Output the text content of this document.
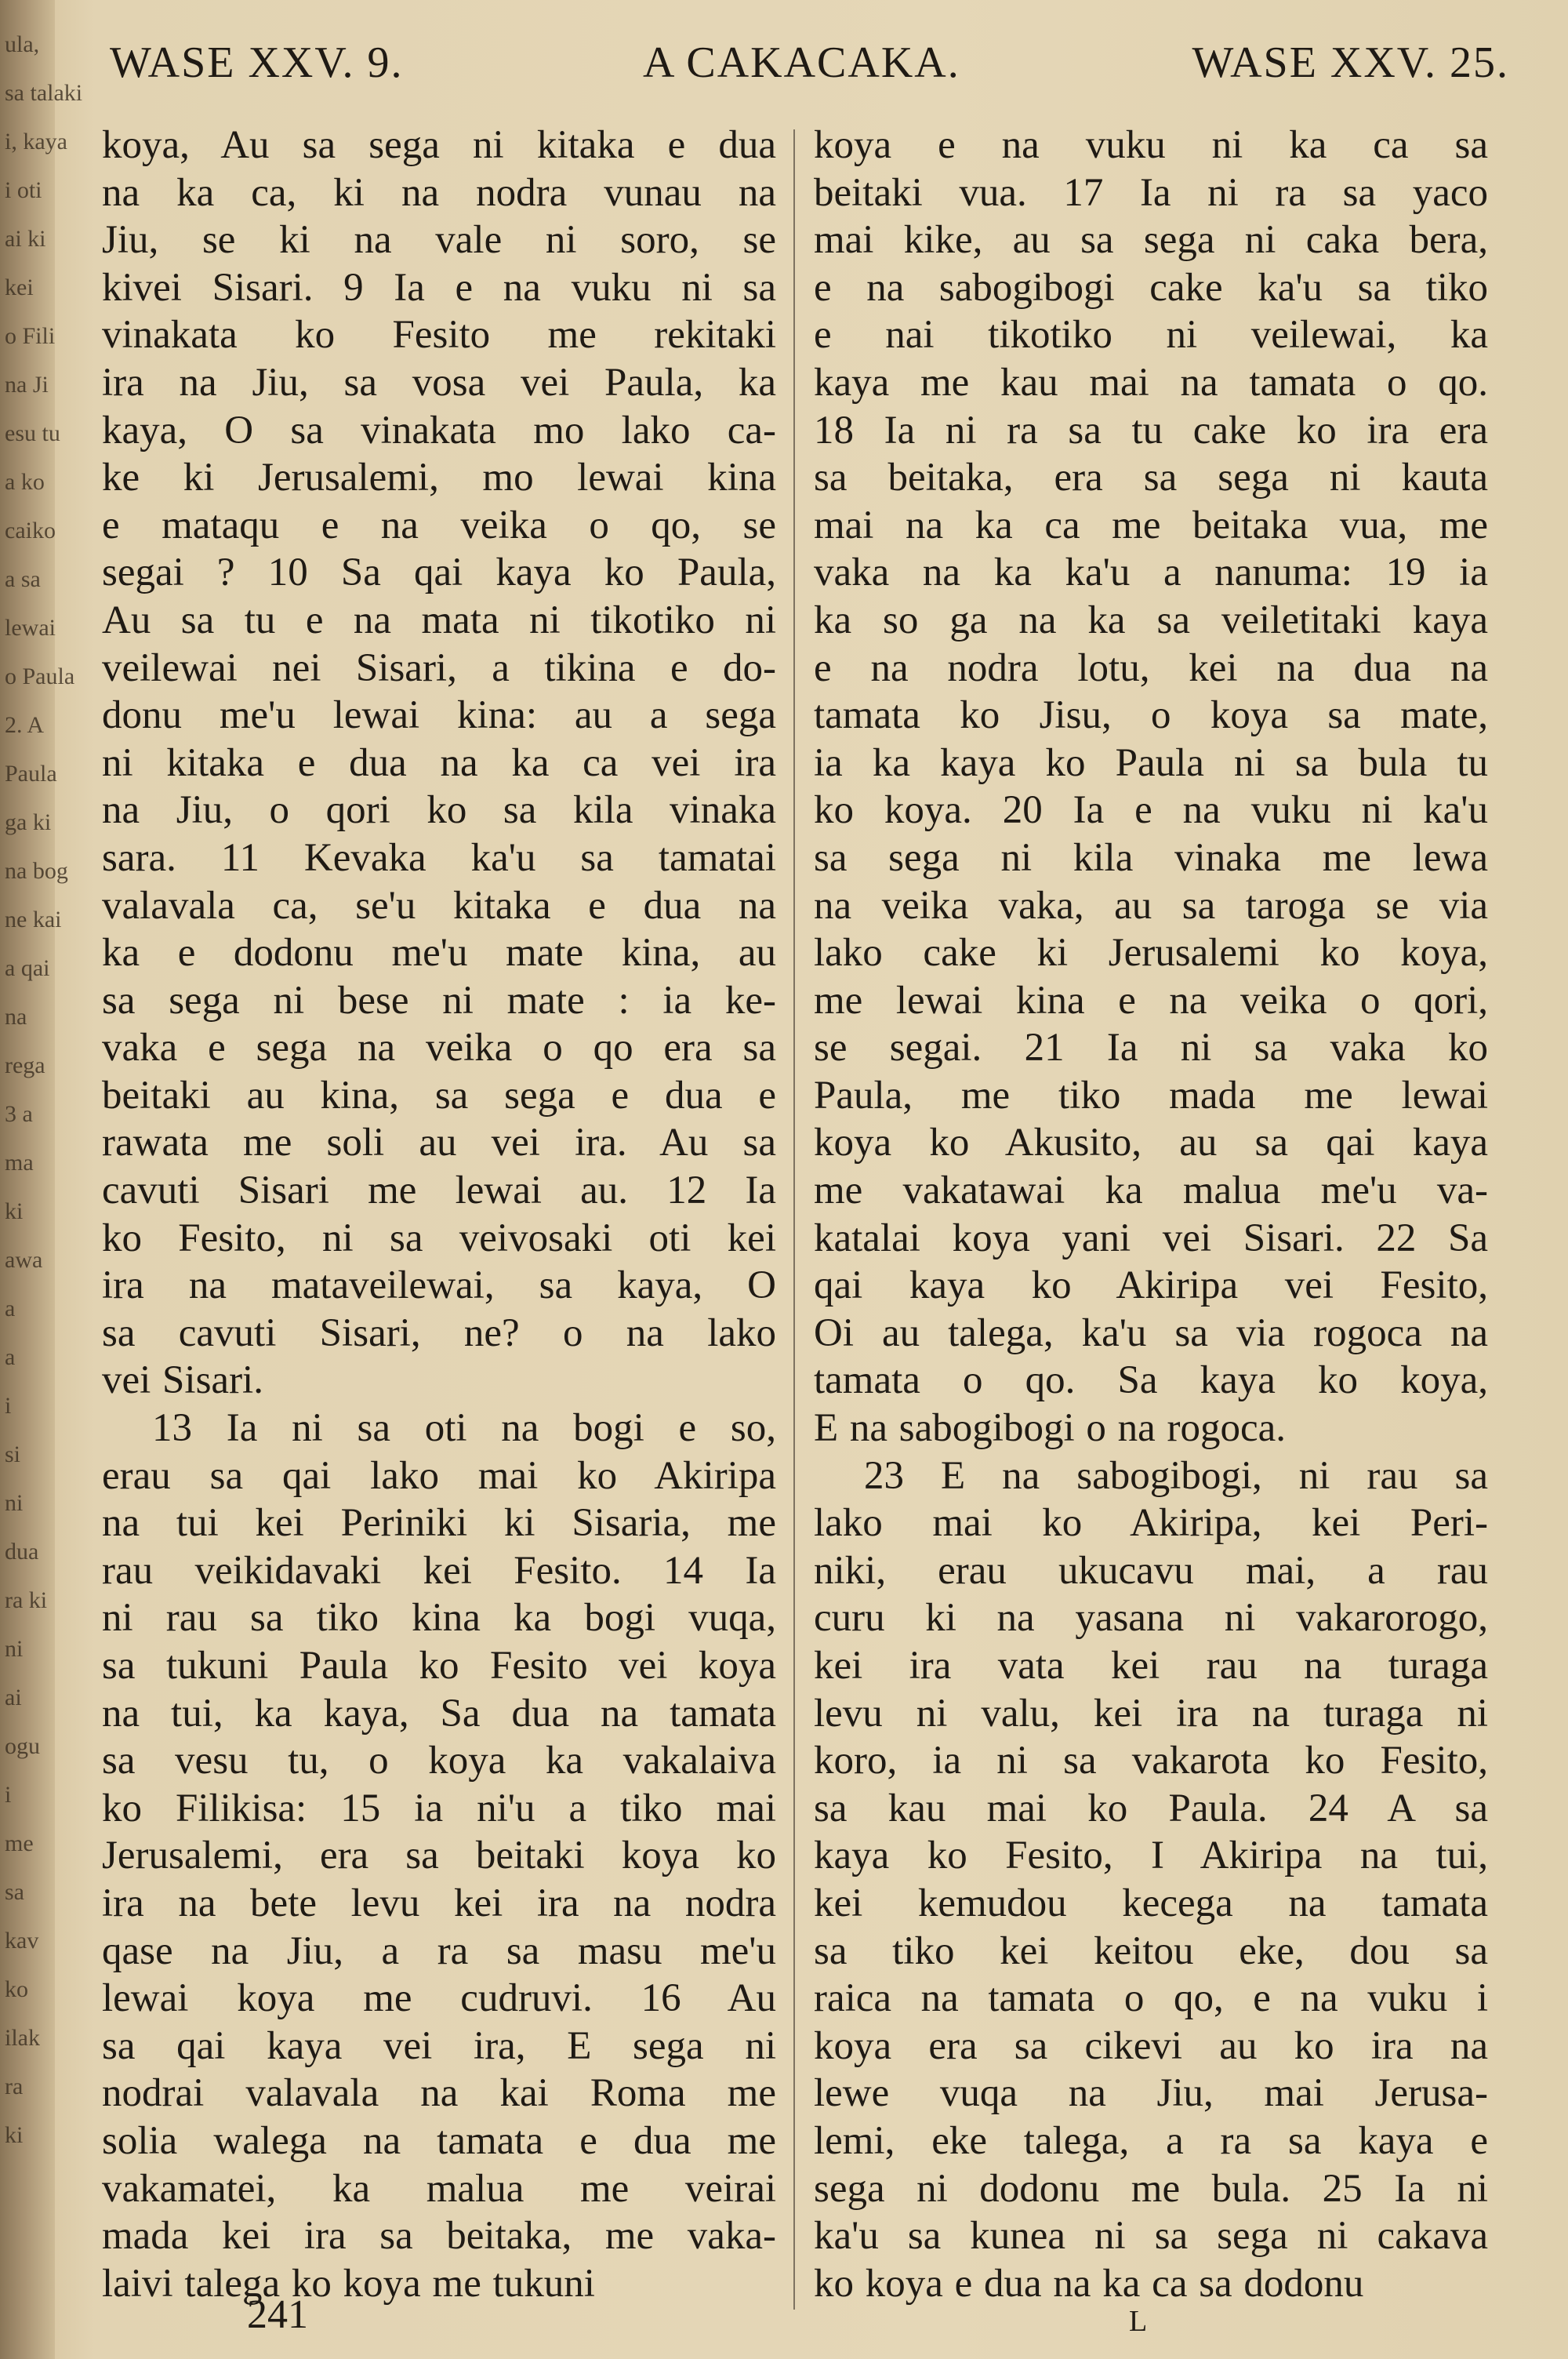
ula,
sa talaki
i, kaya
i oti
ai ki
kei
o Fili
na Ji
esu tu
a ko
caiko
a sa
lewai
o Paula
2. A
Paula
ga ki
na bog
ne kai
a qai
na
rega
3 a
ma
ki
awa
a
a
i
si
ni
dua
ra ki
ni
ai
ogu
i
me
sa
kav
ko
ilak
ra
ki
WASE XXV. 9.	A CAKACAKA.	WASE XXV. 25.
koya, Au sa sega ni kitaka e dua
na ka ca, ki na nodra vunau na
Jiu, se ki na vale ni soro, se
kivei Sisari. 9 Ia e na vuku ni sa
vinakata ko Fesito me rekitaki
ira na Jiu, sa vosa vei Paula, ka
kaya, O sa vinakata mo lako ca-
ke ki Jerusalemi, mo lewai kina
e mataqu e na veika o qo, se
segai ? 10 Sa qai kaya ko Paula,
Au sa tu e na mata ni tikotiko ni
veilewai nei Sisari, a tikina e do-
donu me'u lewai kina: au a sega
ni kitaka e dua na ka ca vei ira
na Jiu, o qori ko sa kila vinaka
sara. 11 Kevaka ka'u sa tamatai
valavala ca, se'u kitaka e dua na
ka e dodonu me'u mate kina, au
sa sega ni bese ni mate : ia ke-
vaka e sega na veika o qo era sa
beitaki au kina, sa sega e dua e
rawata me soli au vei ira. Au sa
cavuti Sisari me lewai au. 12 Ia
ko Fesito, ni sa veivosaki oti kei
ira na mataveilewai, sa kaya, O
sa cavuti Sisari, ne? o na lako
vei Sisari.
13 Ia ni sa oti na bogi e so,
erau sa qai lako mai ko Akiripa
na tui kei Periniki ki Sisaria, me
rau veikidavaki kei Fesito. 14 Ia
ni rau sa tiko kina ka bogi vuqa,
sa tukuni Paula ko Fesito vei koya
na tui, ka kaya, Sa dua na tamata
sa vesu tu, o koya ka vakalaiva
ko Filikisa: 15 ia ni'u a tiko mai
Jerusalemi, era sa beitaki koya ko
ira na bete levu kei ira na nodra
qase na Jiu, a ra sa masu me'u
lewai koya me cudruvi. 16 Au
sa qai kaya vei ira, E sega ni
nodrai valavala na kai Roma me
solia walega na tamata e dua me
vakamatei, ka malua me veirai
mada kei ira sa beitaka, me vaka-
laivi talega ko koya me tukuni
koya e na vuku ni ka ca sa
beitaki vua. 17 Ia ni ra sa yaco
mai kike, au sa sega ni caka bera,
e na sabogibogi cake ka'u sa tiko
e nai tikotiko ni veilewai, ka
kaya me kau mai na tamata o qo.
18 Ia ni ra sa tu cake ko ira era
sa beitaka, era sa sega ni kauta
mai na ka ca me beitaka vua, me
vaka na ka ka'u a nanuma: 19 ia
ka so ga na ka sa veiletitaki kaya
e na nodra lotu, kei na dua na
tamata ko Jisu, o koya sa mate,
ia ka kaya ko Paula ni sa bula tu
ko koya. 20 Ia e na vuku ni ka'u
sa sega ni kila vinaka me lewa
na veika vaka, au sa taroga se via
lako cake ki Jerusalemi ko koya,
me lewai kina e na veika o qori,
se segai. 21 Ia ni sa vaka ko
Paula, me tiko mada me lewai
koya ko Akusito, au sa qai kaya
me vakatawai ka malua me'u va-
katalai koya yani vei Sisari. 22 Sa
qai kaya ko Akiripa vei Fesito,
Oi au talega, ka'u sa via rogoca na
tamata o qo. Sa kaya ko koya,
E na sabogibogi o na rogoca.
23 E na sabogibogi, ni rau sa
lako mai ko Akiripa, kei Peri-
niki, erau ukucavu mai, a rau
curu ki na yasana ni vakarorogo,
kei ira vata kei rau na turaga
levu ni valu, kei ira na turaga ni
koro, ia ni sa vakarota ko Fesito,
sa kau mai ko Paula. 24 A sa
kaya ko Fesito, I Akiripa na tui,
kei kemudou kecega na tamata
sa tiko kei keitou eke, dou sa
raica na tamata o qo, e na vuku i
koya era sa cikevi au ko ira na
lewe vuqa na Jiu, mai Jerusa-
lemi, eke talega, a ra sa kaya e
sega ni dodonu me bula. 25 Ia ni
ka'u sa kunea ni sa sega ni cakava
ko koya e dua na ka ca sa dodonu
241	L
